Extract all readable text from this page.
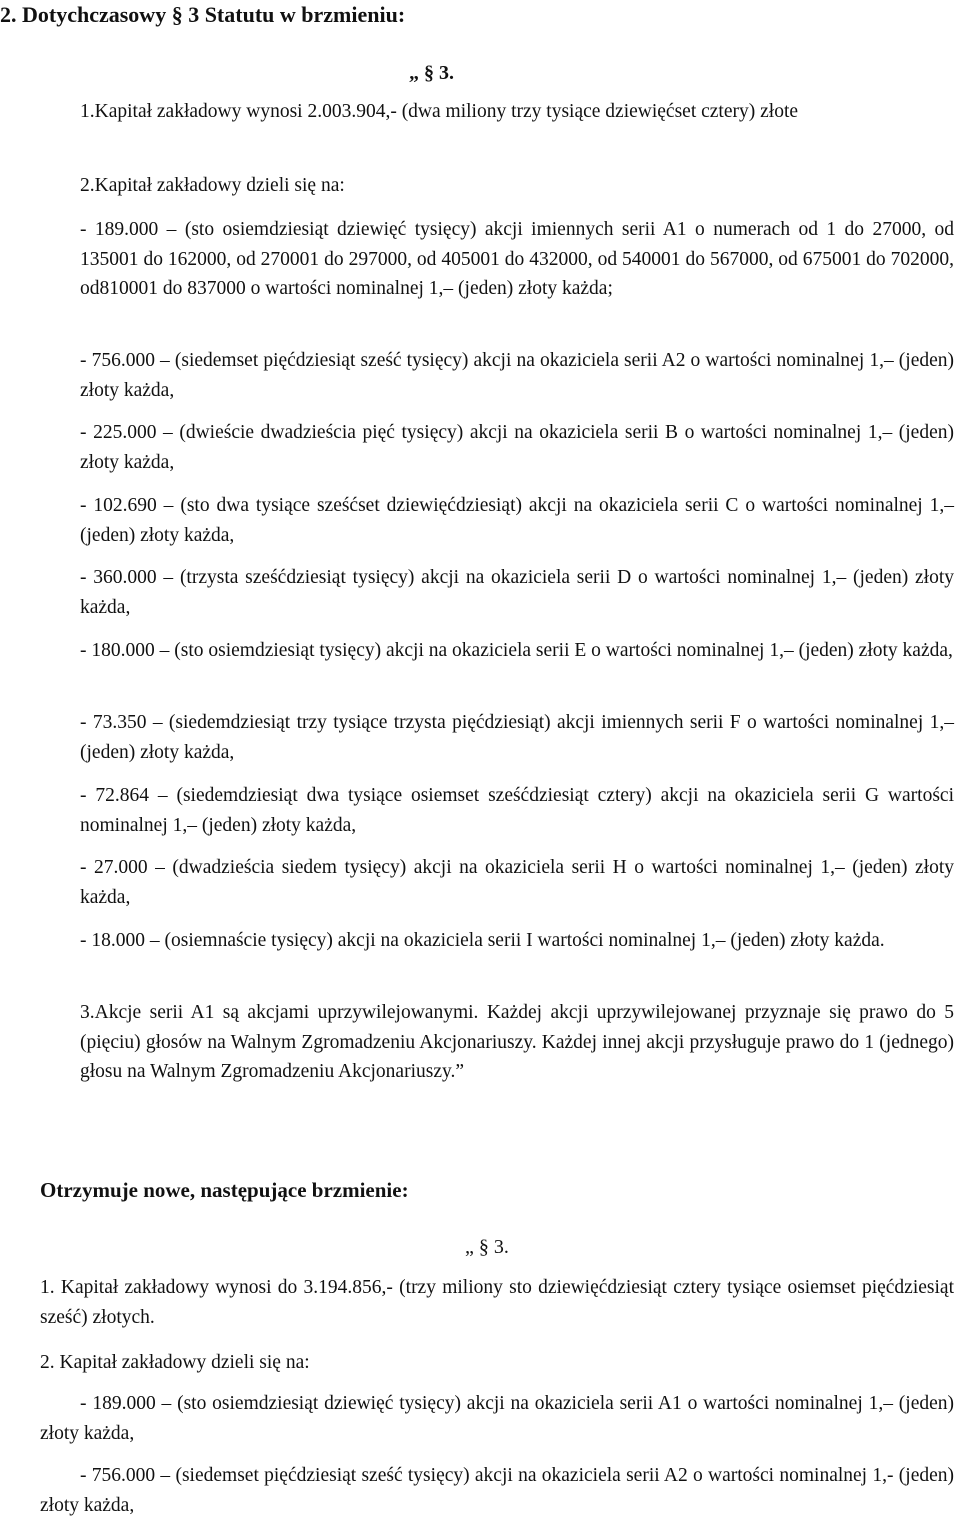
2. Dotychczasowy § 3 Statutu w brzmieniu:
„ § 3.

1.Kapitał zakładowy wynosi 2.003.904,- (dwa miliony trzy tysiące dziewięćset cztery) złote

2.Kapitał zakładowy dzieli się na:

- 189.000 – (sto osiemdziesiąt dziewięć tysięcy) akcji imiennych serii A1 o numerach od 1 do 27000, od 135001 do 162000, od 270001 do 297000, od 405001 do 432000, od 540001 do 567000, od 675001 do 702000, od810001 do 837000 o wartości nominalnej 1,– (jeden) złoty każda;

- 756.000 – (siedemset pięćdziesiąt sześć tysięcy) akcji na okaziciela serii A2 o wartości nominalnej 1,– (jeden) złoty każda,

- 225.000 – (dwieście dwadzieścia pięć tysięcy) akcji na okaziciela serii B o wartości nominalnej 1,– (jeden) złoty każda,

- 102.690 – (sto dwa tysiące sześćset dziewięćdziesiąt) akcji na okaziciela serii C o wartości nominalnej 1,– (jeden) złoty każda,

- 360.000 – (trzysta sześćdziesiąt tysięcy) akcji na okaziciela serii D o wartości nominalnej 1,– (jeden) złoty każda,

- 180.000 – (sto osiemdziesiąt tysięcy) akcji na okaziciela serii E o wartości nominalnej 1,– (jeden) złoty każda,

- 73.350 – (siedemdziesiąt trzy tysiące trzysta pięćdziesiąt) akcji imiennych serii F o wartości nominalnej 1,– (jeden) złoty każda,

- 72.864 – (siedemdziesiąt dwa tysiące osiemset sześćdziesiąt cztery) akcji na okaziciela serii G wartości nominalnej 1,– (jeden) złoty każda,

- 27.000 – (dwadzieścia siedem tysięcy) akcji na okaziciela serii H o wartości nominalnej 1,– (jeden) złoty każda,

- 18.000 – (osiemnaście tysięcy) akcji na okaziciela serii I wartości nominalnej 1,– (jeden) złoty każda.

3.Akcje serii A1 są akcjami uprzywilejowanymi. Każdej akcji uprzywilejowanej przyznaje się prawo do 5 (pięciu) głosów na Walnym Zgromadzeniu Akcjonariuszy. Każdej innej akcji przysługuje prawo do 1 (jednego) głosu na Walnym Zgromadzeniu Akcjonariuszy.”

Otrzymuje nowe, następujące brzmienie:
„ § 3.

1. Kapitał zakładowy wynosi do 3.194.856,- (trzy miliony sto dziewięćdziesiąt cztery tysiące osiemset pięćdziesiąt sześć) złotych.

2. Kapitał zakładowy dzieli się na:

- 189.000 – (sto osiemdziesiąt dziewięć tysięcy) akcji na okaziciela serii A1 o wartości nominalnej 1,– (jeden) złoty każda,

- 756.000 – (siedemset pięćdziesiąt sześć tysięcy) akcji na okaziciela serii A2 o wartości nominalnej 1,- (jeden) złoty każda,
